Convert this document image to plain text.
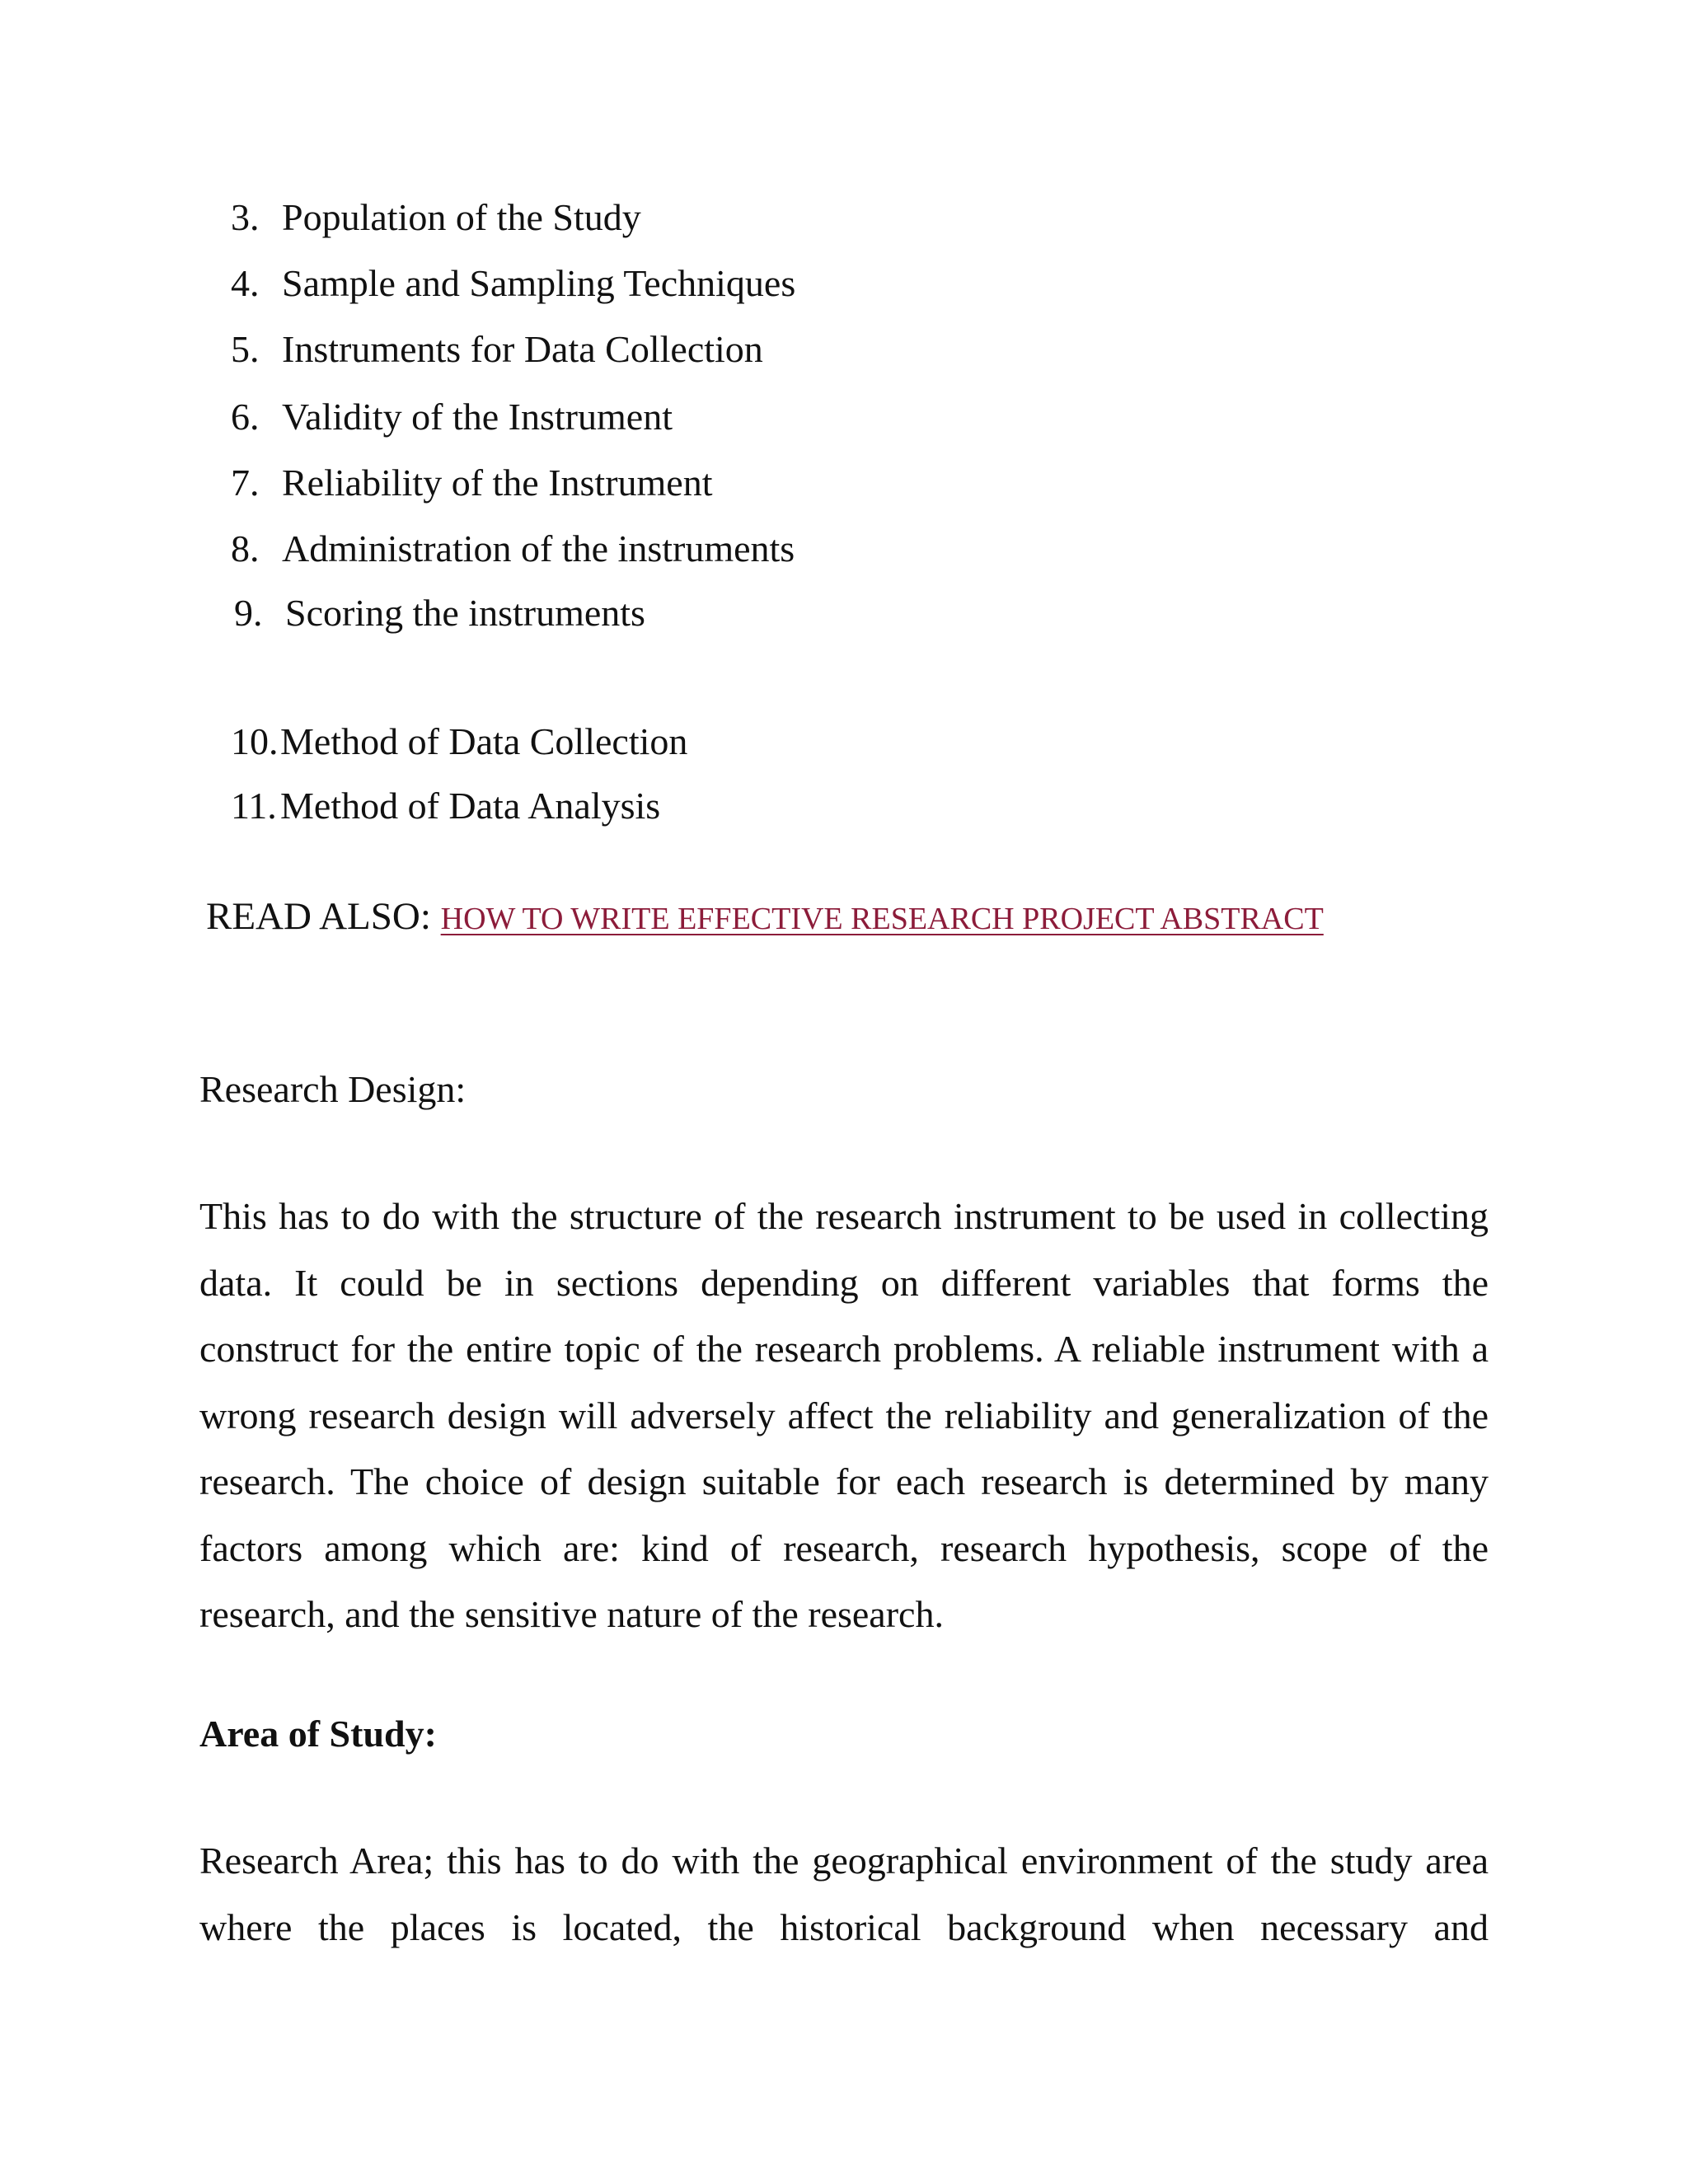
3. Population of the Study
4. Sample and Sampling Techniques
5. Instruments for Data Collection
6. Validity of the Instrument
7. Reliability of the Instrument
8. Administration of the instruments
9. Scoring the instruments
10. Method of Data Collection
11. Method of Data Analysis
READ ALSO: HOW TO WRITE EFFECTIVE RESEARCH PROJECT ABSTRACT
Research Design:
This has to do with the structure of the research instrument to be used in collecting
data. It could be in sections depending on different variables that forms the
construct for the entire topic of the research problems. A reliable instrument with a
wrong research design will adversely affect the reliability and generalization of the
research. The choice of design suitable for each research is determined by many
factors among which are: kind of research, research hypothesis, scope of the
research, and the sensitive nature of the research.
Area of Study:
Research Area; this has to do with the geographical environment of the study area
where the places is located, the historical background when necessary and
